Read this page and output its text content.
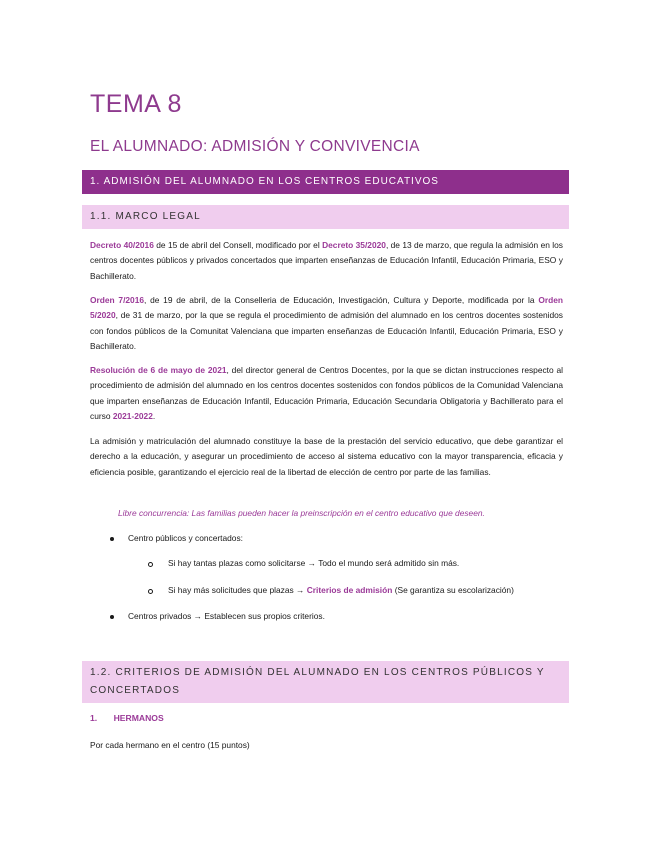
TEMA 8
EL ALUMNADO: ADMISIÓN Y CONVIVENCIA
1. ADMISIÓN DEL ALUMNADO EN LOS CENTROS EDUCATIVOS
1.1. MARCO LEGAL
Decreto 40/2016 de 15 de abril del Consell, modificado por el Decreto 35/2020, de 13 de marzo, que regula la admisión en los centros docentes públicos y privados concertados que imparten enseñanzas de Educación Infantil, Educación Primaria, ESO y Bachillerato.
Orden 7/2016, de 19 de abril, de la Conselleria de Educación, Investigación, Cultura y Deporte, modificada por la Orden 5/2020, de 31 de marzo, por la que se regula el procedimiento de admisión del alumnado en los centros docentes sostenidos con fondos públicos de la Comunitat Valenciana que imparten enseñanzas de Educación Infantil, Educación Primaria, ESO y Bachillerato.
Resolución de 6 de mayo de 2021, del director general de Centros Docentes, por la que se dictan instrucciones respecto al procedimiento de admisión del alumnado en los centros docentes sostenidos con fondos públicos de la Comunidad Valenciana que imparten enseñanzas de Educación Infantil, Educación Primaria, Educación Secundaria Obligatoria y Bachillerato para el curso 2021-2022.
La admisión y matriculación del alumnado constituye la base de la prestación del servicio educativo, que debe garantizar el derecho a la educación, y asegurar un procedimiento de acceso al sistema educativo con la mayor transparencia, eficacia y eficiencia posible, garantizando el ejercicio real de la libertad de elección de centro por parte de las familias.
Libre concurrencia: Las familias pueden hacer la preinscripción en el centro educativo que deseen.
Centro públicos y concertados:
Si hay tantas plazas como solicitarse → Todo el mundo será admitido sin más.
Si hay más solicitudes que plazas → Criterios de admisión (Se garantiza su escolarización)
Centros privados → Establecen sus propios criterios.
1.2. CRITERIOS DE ADMISIÓN DEL ALUMNADO EN LOS CENTROS PÚBLICOS Y CONCERTADOS
1. HERMANOS
Por cada hermano en el centro (15 puntos)
